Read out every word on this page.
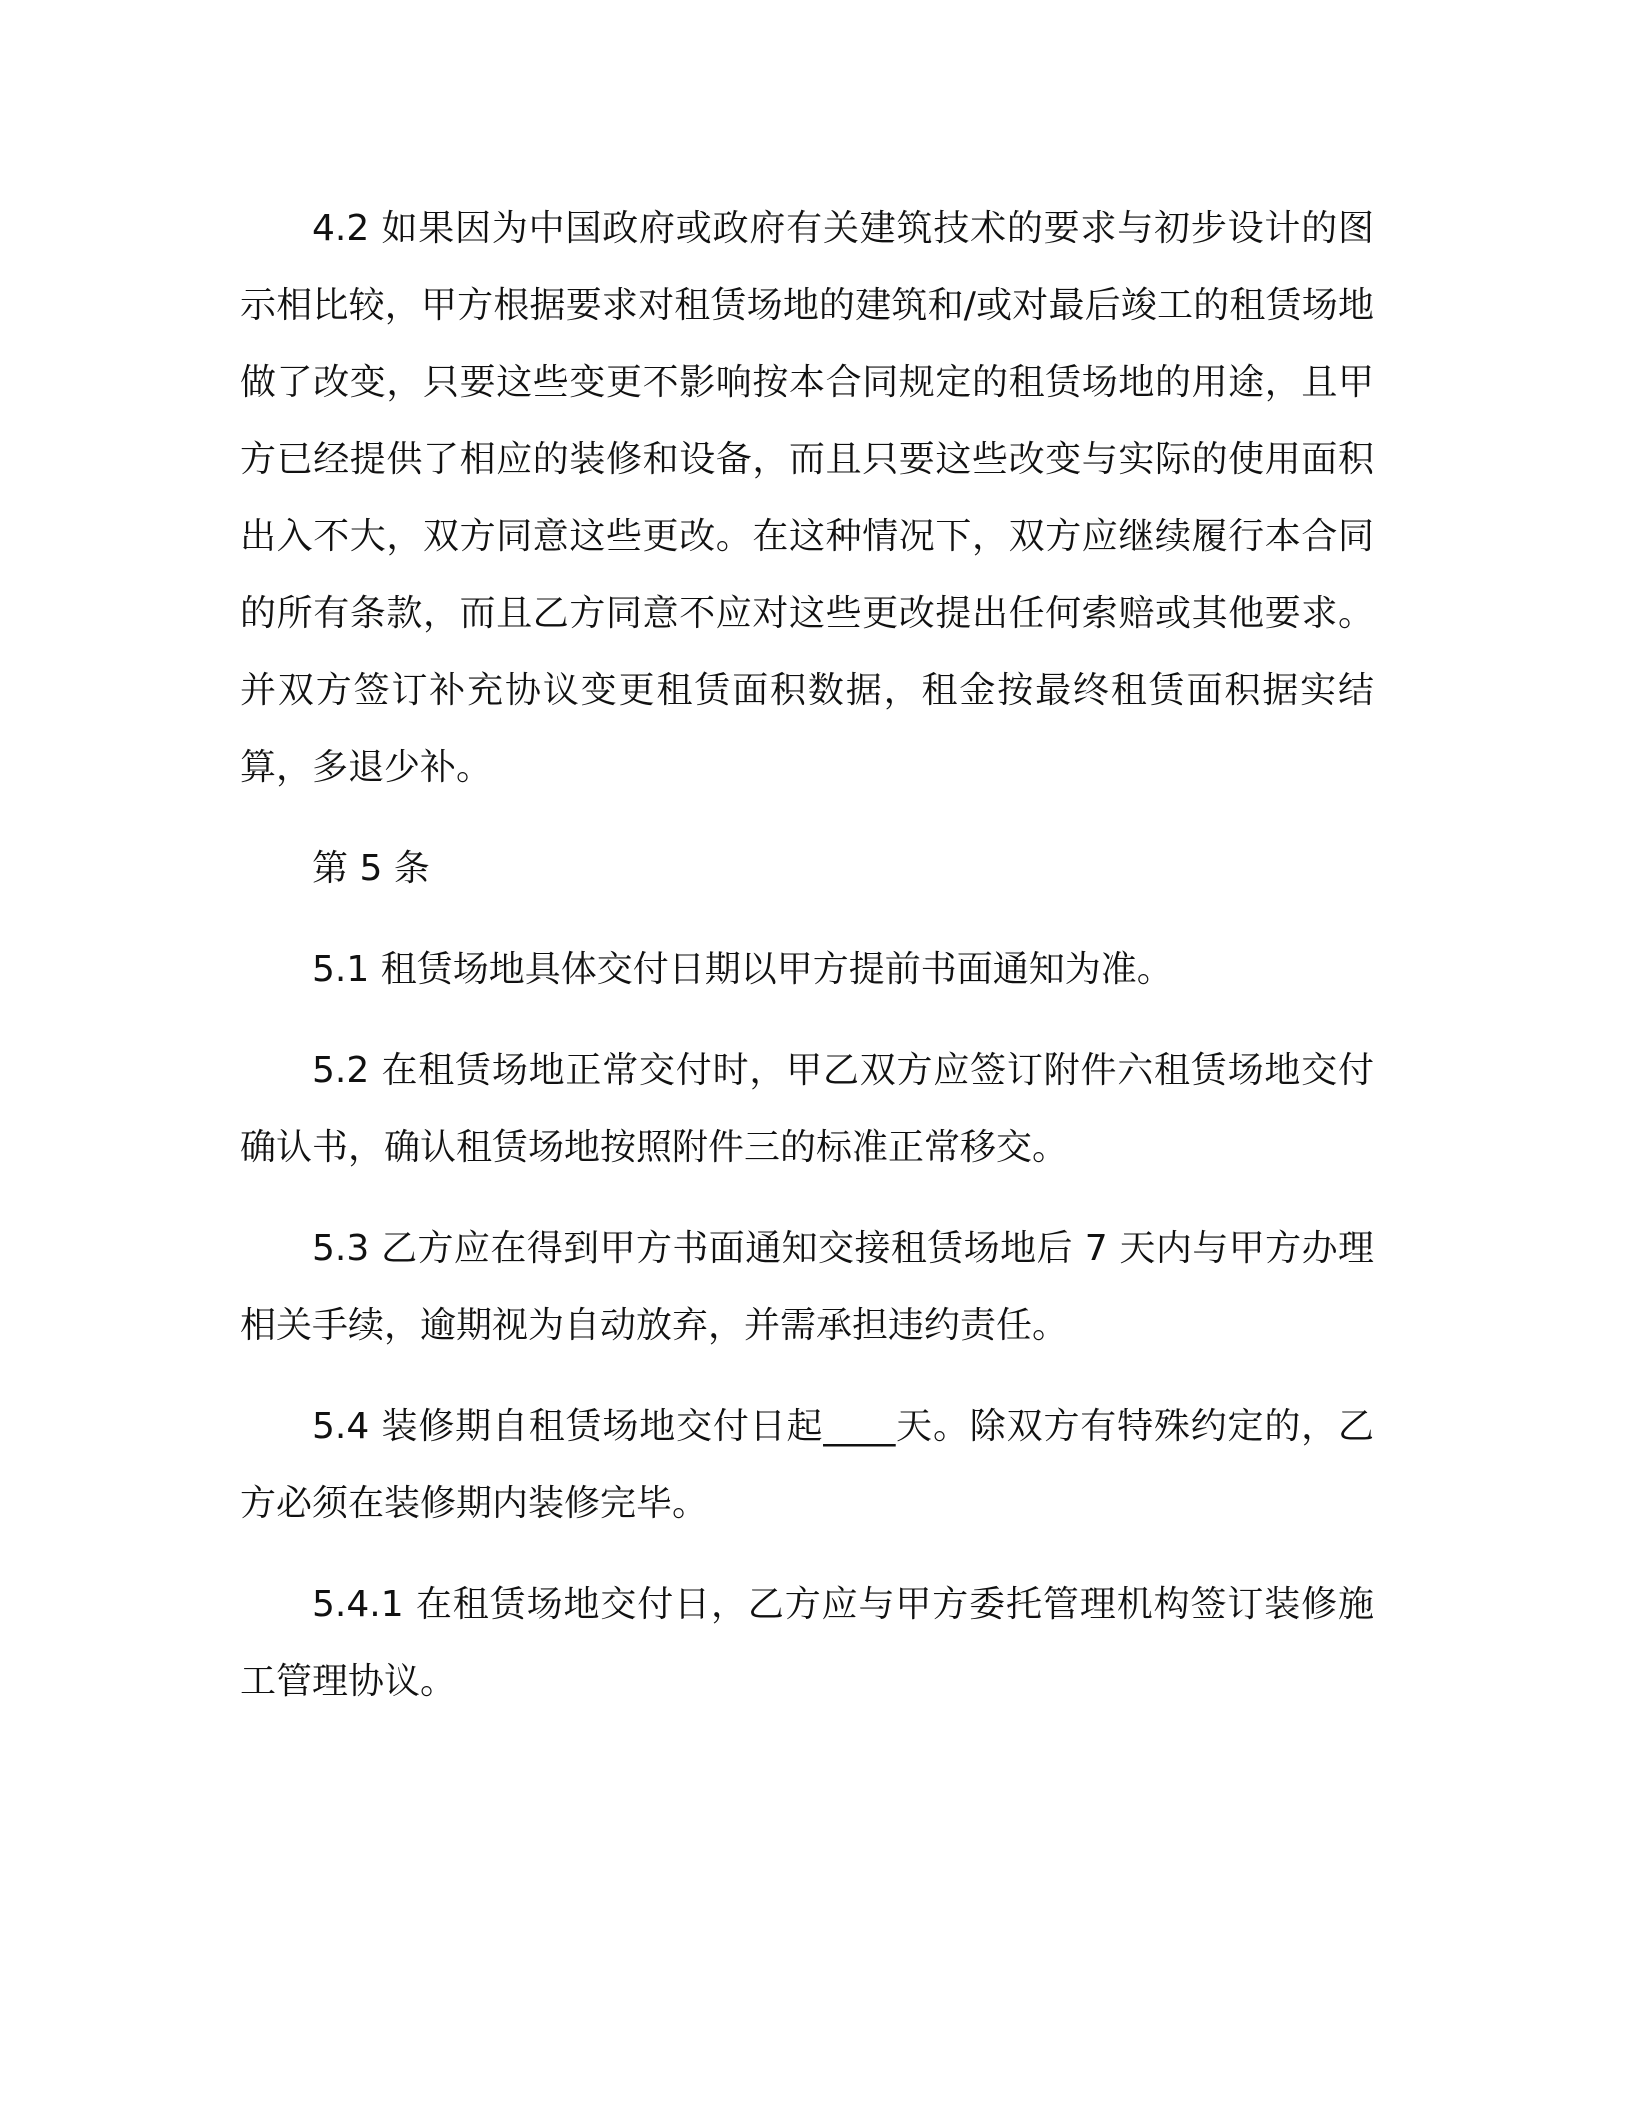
4.2 如果因为中国政府或政府有关建筑技术的要求与初步设计的图示相比较，甲方根据要求对租赁场地的建筑和/或对最后竣工的租赁场地做了改变，只要这些变更不影响按本合同规定的租赁场地的用途，且甲方已经提供了相应的装修和设备，而且只要这些改变与实际的使用面积出入不大，双方同意这些更改。在这种情况下，双方应继续履行本合同的所有条款，而且乙方同意不应对这些更改提出任何索赔或其他要求。并双方签订补充协议变更租赁面积数据，租金按最终租赁面积据实结算，多退少补。

第 5 条

5.1 租赁场地具体交付日期以甲方提前书面通知为准。

5.2 在租赁场地正常交付时，甲乙双方应签订附件六租赁场地交付确认书，确认租赁场地按照附件三的标准正常移交。

5.3 乙方应在得到甲方书面通知交接租赁场地后 7 天内与甲方办理相关手续，逾期视为自动放弃，并需承担违约责任。

5.4 装修期自租赁场地交付日起____天。除双方有特殊约定的，乙方必须在装修期内装修完毕。

5.4.1 在租赁场地交付日，乙方应与甲方委托管理机构签订装修施工管理协议。
